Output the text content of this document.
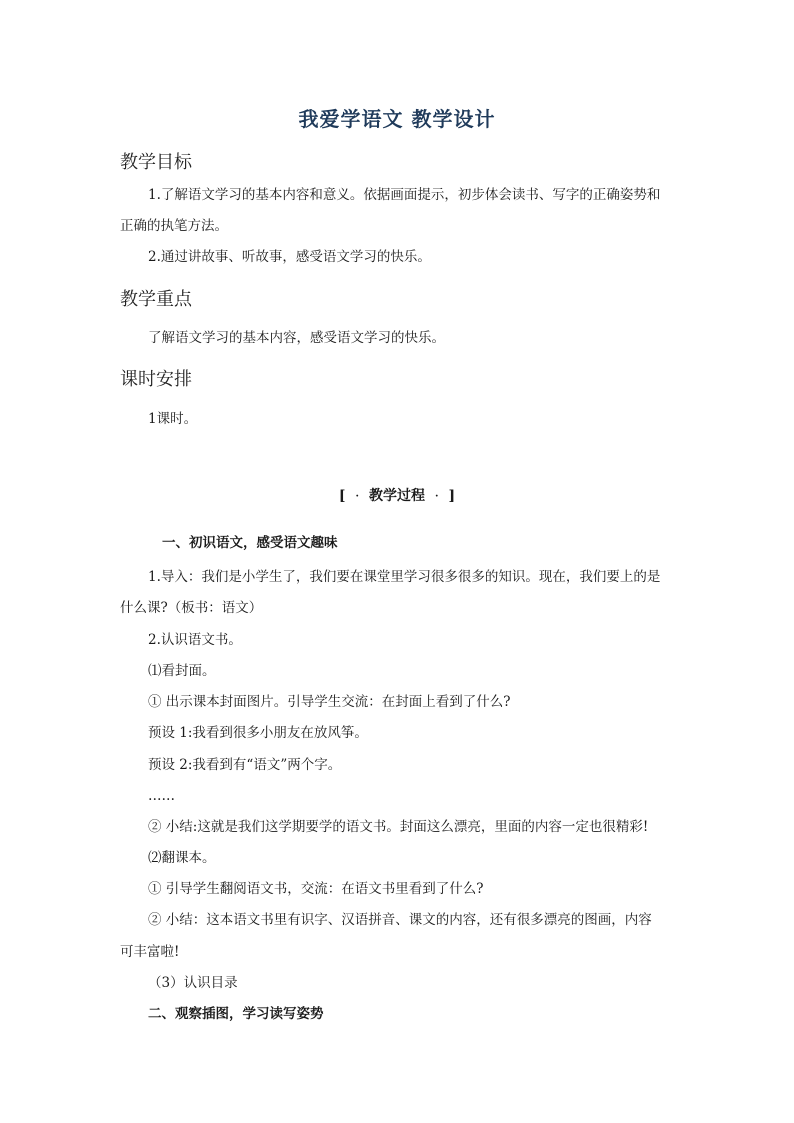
我爱学语文 教学设计
教学目标
1.了解语文学习的基本内容和意义。依据画面提示，初步体会读书、写字的正确姿势和
正确的执笔方法。
2.通过讲故事、听故事，感受语文学习的快乐。
教学重点
了解语文学习的基本内容，感受语文学习的快乐。
课时安排
1课时。
[ · 教学过程 · ]
一、初识语文，感受语文趣味
1.导入：我们是小学生了，我们要在课堂里学习很多很多的知识。现在，我们要上的是
什么课?（板书：语文）
2.认识语文书。
⑴看封面。
① 出示课本封面图片。引导学生交流：在封面上看到了什么?
预设 1:我看到很多小朋友在放风筝。
预设 2:我看到有“语文”两个字。
……
② 小结:这就是我们这学期要学的语文书。封面这么漂亮，里面的内容一定也很精彩!
⑵翻课本。
① 引导学生翻阅语文书，交流：在语文书里看到了什么?
② 小结：这本语文书里有识字、汉语拼音、课文的内容，还有很多漂亮的图画，内容
可丰富啦!
（3）认识目录
二、观察插图，学习读写姿势
